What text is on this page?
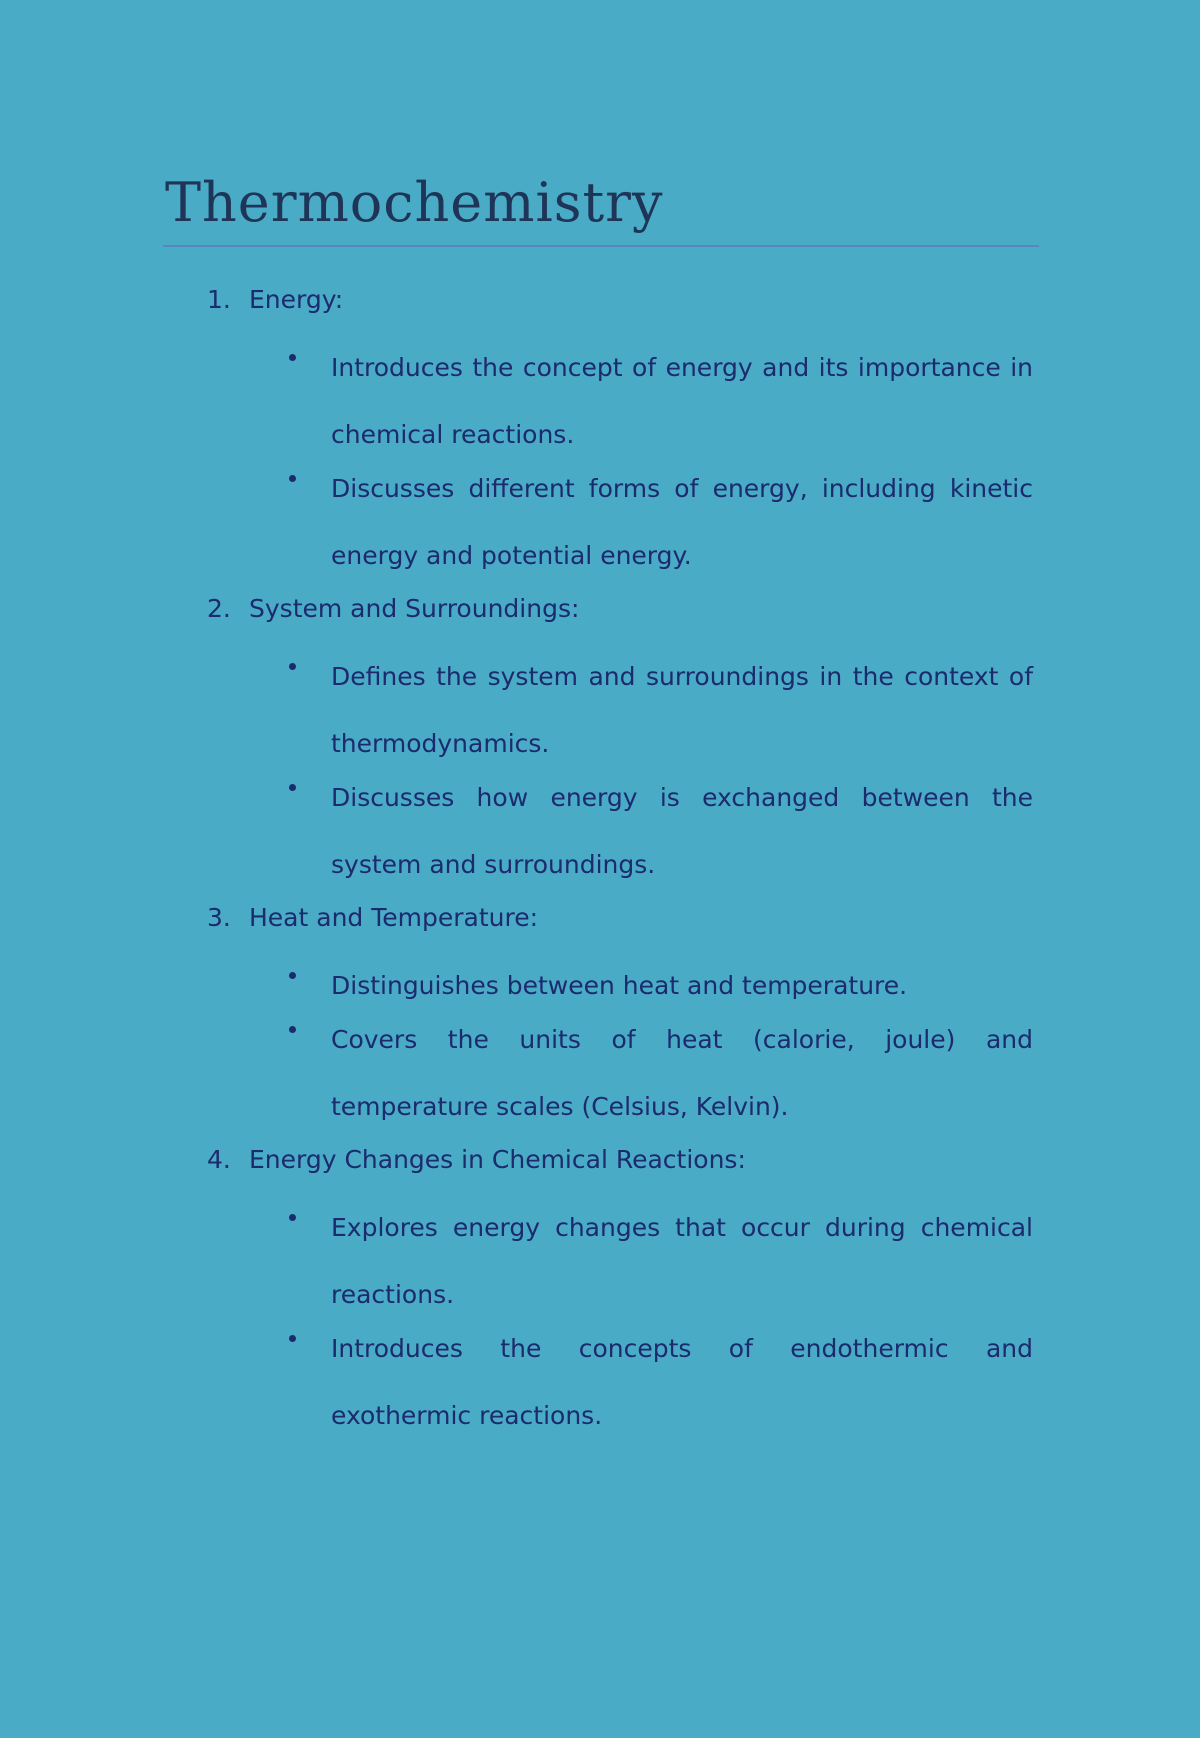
Thermochemistry
1. Energy:
Introduces the concept of energy and its importance in chemical reactions.
Discusses different forms of energy, including kinetic energy and potential energy.
2. System and Surroundings:
Defines the system and surroundings in the context of thermodynamics.
Discusses how energy is exchanged between the system and surroundings.
3. Heat and Temperature:
Distinguishes between heat and temperature.
Covers the units of heat (calorie, joule) and temperature scales (Celsius, Kelvin).
4. Energy Changes in Chemical Reactions:
Explores energy changes that occur during chemical reactions.
Introduces the concepts of endothermic and exothermic reactions.
